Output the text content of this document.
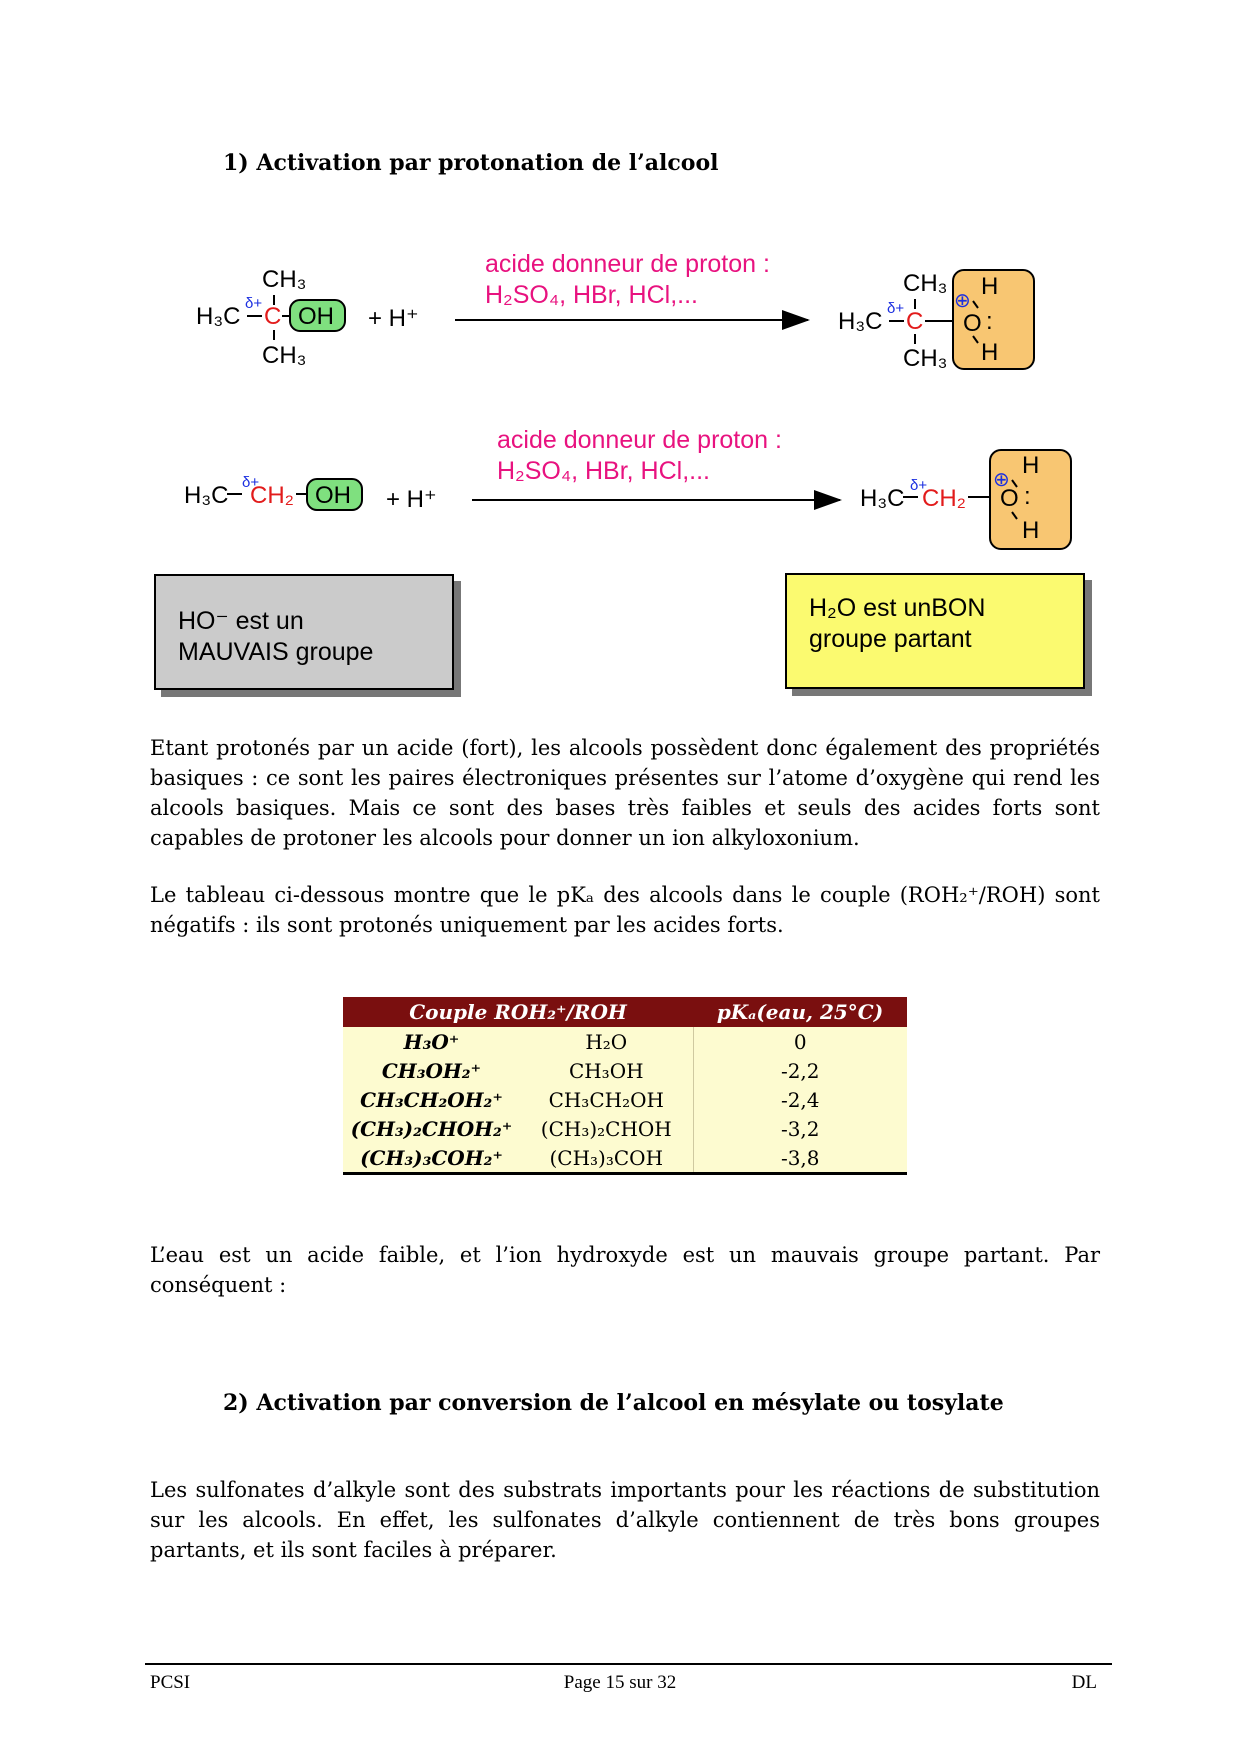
1) Activation par protonation de l’alcool
CH₃
H₃C δ+ C OH
CH₃
+ H⁺
acide donneur de proton :
H₂SO₄, HBr, HCl,...	CH₃
H₃C δ+ C
CH₃
H
⊕
O :
H
H₃C δ+
CH₂ OH + H⁺
acide donneur de proton :
H₂SO₄, HBr, HCl,...
H₃C δ+
CH₂
H
⊕
O :
H
HO⁻ est un
MAUVAIS groupe
H₂O est unBON
groupe partant

Etant protonés par un acide (fort), les alcools possèdent donc également des propriétés basiques : ce sont les paires électroniques présentes sur l’atome d’oxygène qui rend les alcools basiques. Mais ce sont des bases très faibles et seuls des acides forts sont capables de protoner les alcools pour donner un ion alkyloxonium.

Le tableau ci-dessous montre que le pKₐ des alcools dans le couple (ROH₂⁺/ROH) sont négatifs : ils sont protonés uniquement par les acides forts.

Couple ROH₂⁺/ROH		pKₐ(eau, 25°C)
H₃O⁺	H₂O	0
CH₃OH₂⁺	CH₃OH	-2,2
CH₃CH₂OH₂⁺	CH₃CH₂OH	-2,4
(CH₃)₂CHOH₂⁺	(CH₃)₂CHOH	-3,2
(CH₃)₃COH₂⁺	(CH₃)₃COH	-3,8

L’eau est un acide faible, et l’ion hydroxyde est un mauvais groupe partant. Par conséquent :

2) Activation par conversion de l’alcool en mésylate ou tosylate

Les sulfonates d’alkyle sont des substrats importants pour les réactions de substitution sur les alcools. En effet, les sulfonates d’alkyle contiennent de très bons groupes partants, et ils sont faciles à préparer.

PCSI	Page 15 sur 32	DL
